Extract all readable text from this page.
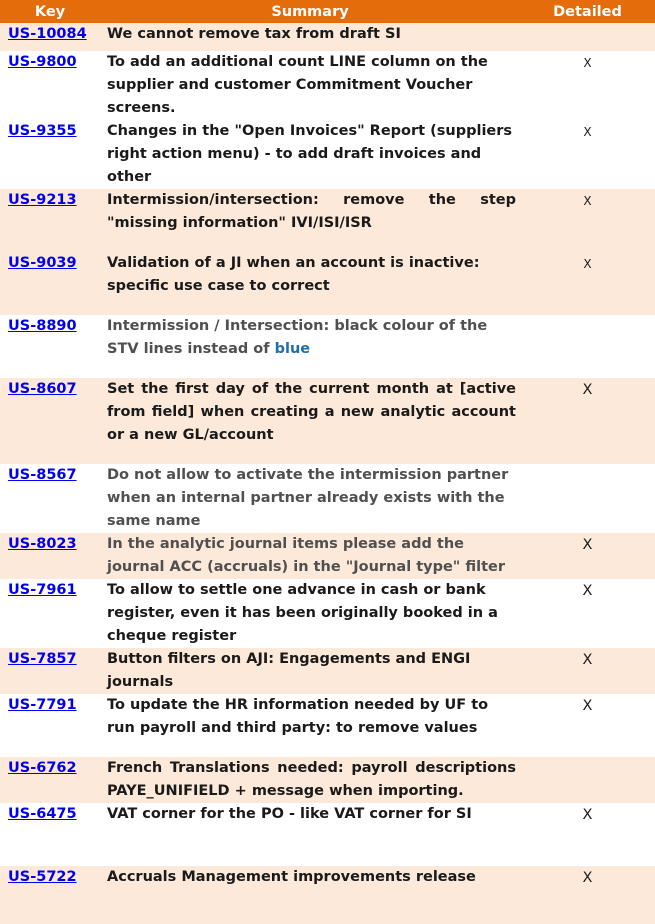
Key	Summary	Detailed
US-10084	We cannot remove tax from draft SI	
US-9800	To add an additional count LINE column on the supplier and customer Commitment Voucher screens.	X
US-9355	Changes in the "Open Invoices" Report (suppliers right action menu) - to add draft invoices and other	X
US-9213	Intermission/intersection: remove the step "missing information" IVI/ISI/ISR	X
US-9039	Validation of a JI when an account is inactive: specific use case to correct	X
US-8890	Intermission / Intersection: black colour of the STV lines instead of blue	
US-8607	Set the first day of the current month at [active from field] when creating a new analytic account or a new GL/account	X
US-8567	Do not allow to activate the intermission partner when an internal partner already exists with the same name	
US-8023	In the analytic journal items please add the journal ACC (accruals) in the "Journal type" filter	X
US-7961	To allow to settle one advance in cash or bank register, even it has been originally booked in a cheque register	X
US-7857	Button filters on AJI: Engagements and ENGI journals	X
US-7791	To update the HR information needed by UF to run payroll and third party: to remove values	X
US-6762	French Translations needed: payroll descriptions PAYE_UNIFIELD + message when importing.	
US-6475	VAT corner for the PO - like VAT corner for SI	X
US-5722	Accruals Management improvements release	X
